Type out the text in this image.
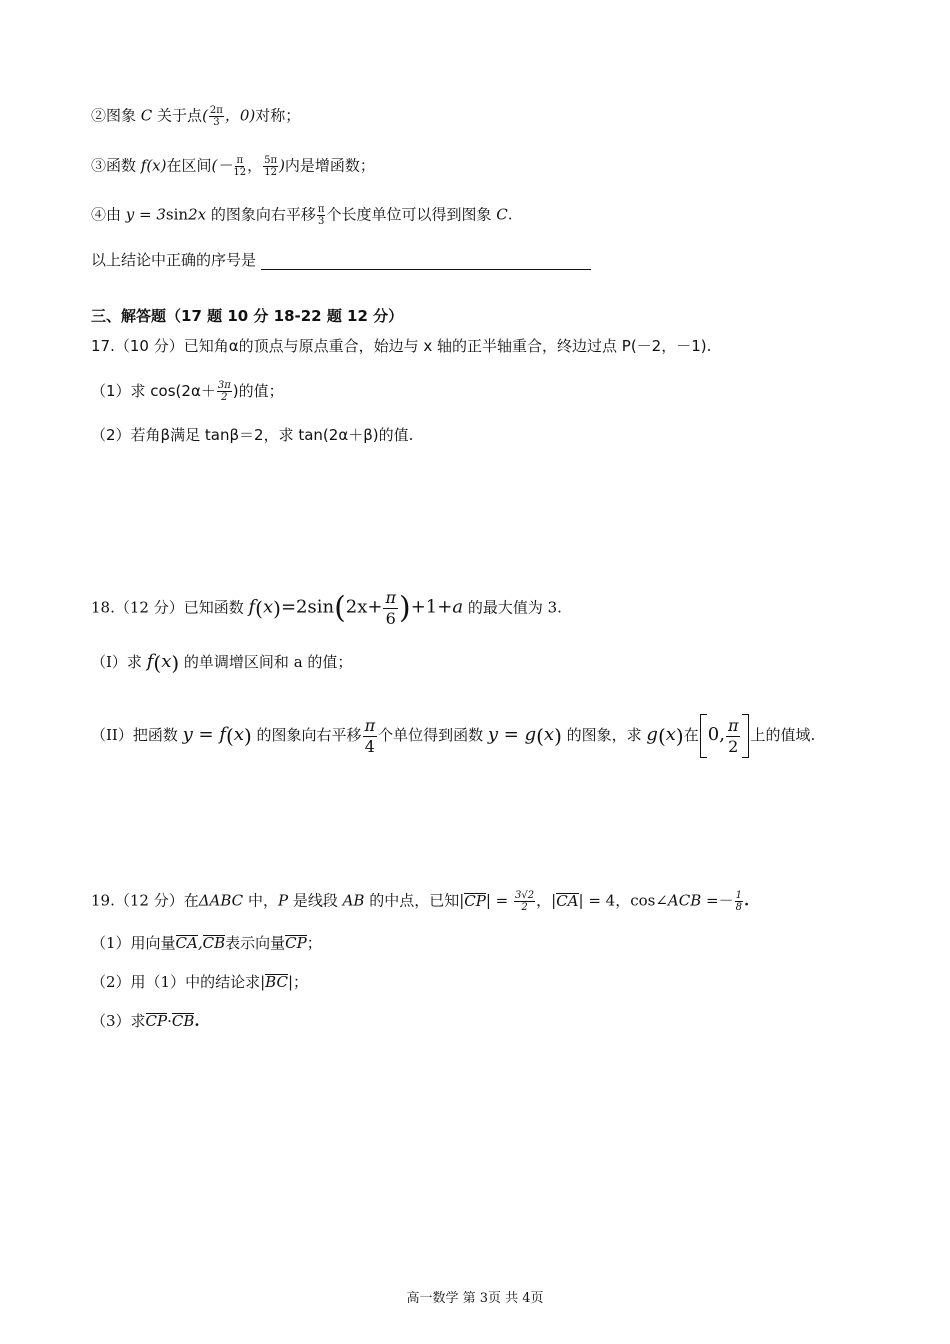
②图象 C 关于点( $\frac{2\pi}{3}$ ，0)对称；
③函数 f(x)在区间(－ $\frac{\pi}{12}$ ， $\frac{5\pi}{12}$ )内是增函数；
④由 y = 3sin2x 的图象向右平移 $\frac{\pi}{3}$ 个长度单位可以得到图象 C.
以上结论中正确的序号是
三、解答题（17 题 10 分 18-22 题 12 分）
17.（10 分）已知角α的顶点与原点重合，始边与 x 轴的正半轴重合，终边过点 P(－2，－1).
（1）求 $\cos(2\alpha+ \frac{3\pi}{2}$ )的值；
（2）若角β满足 tanβ＝2，求 tan(2α＋β)的值.
18.（12 分）已知函数 $f(x)=2\sin(2x+ \frac{\pi}{6} )+1+a$ 的最大值为 3.
（I）求 f(x) 的单调增区间和 a 的值；
（II）把函数 y = f(x) 的图象向右平移 $\frac{\pi}{4}$ 个单位得到函数 y = g(x) 的图象，求 g(x)在 0, $\frac{\pi}{2}$ 上的值域.
19.（12 分）在ΔABC 中，P 是线段 AB 的中点，已知$|CP| = \frac{3√2}{2}$ ，|CA| = 4，cos∠ACB =－ $\frac{1}{8}$ .
（1）用向量CA,CB表示向量CP；
（2）用（1）中的结论求|BC|；
（3）求CP·CB.
高一数学 第 3页 共 4页
